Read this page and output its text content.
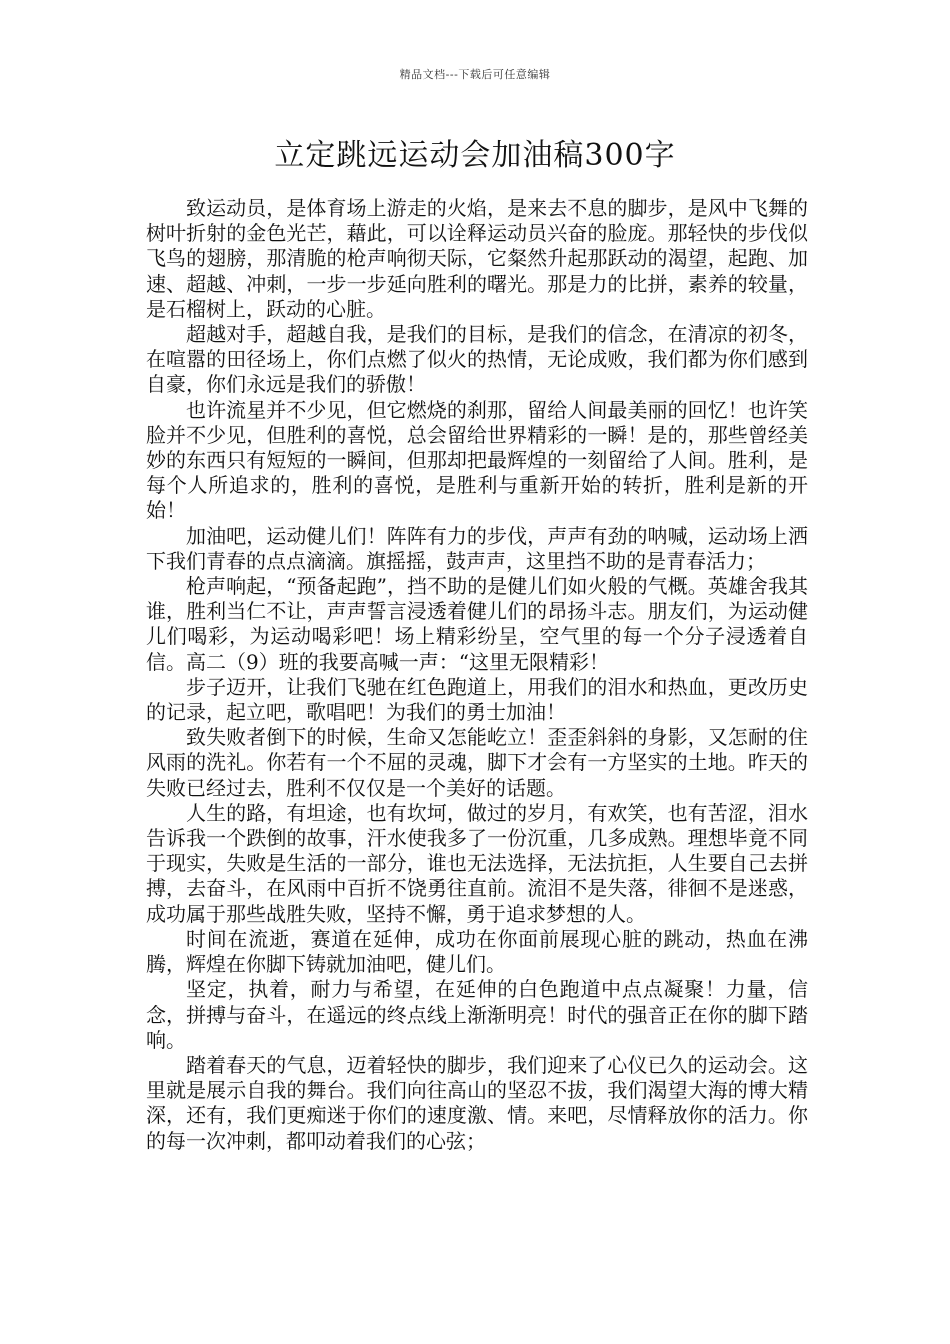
精品文档---下载后可任意编辑
立定跳远运动会加油稿300字

致运动员，是体育场上游走的火焰，是来去不息的脚步，是风中飞舞的树叶折射的金色光芒，藉此，可以诠释运动员兴奋的脸庞。那轻快的步伐似飞鸟的翅膀，那清脆的枪声响彻天际，它粲然升起那跃动的渴望，起跑、加速、超越、冲刺，一步一步延向胜利的曙光。那是力的比拼，素养的较量，是石榴树上，跃动的心脏。

超越对手，超越自我，是我们的目标，是我们的信念，在清凉的初冬，在喧嚣的田径场上，你们点燃了似火的热情，无论成败，我们都为你们感到自豪，你们永远是我们的骄傲！

也许流星并不少见，但它燃烧的刹那，留给人间最美丽的回忆！也许笑脸并不少见，但胜利的喜悦，总会留给世界精彩的一瞬！是的，那些曾经美妙的东西只有短短的一瞬间，但那却把最辉煌的一刻留给了人间。胜利，是每个人所追求的，胜利的喜悦，是胜利与重新开始的转折，胜利是新的开始！

加油吧，运动健儿们！阵阵有力的步伐，声声有劲的呐喊，运动场上洒下我们青春的点点滴滴。旗摇摇，鼓声声，这里挡不助的是青春活力；

枪声响起，“预备起跑”，挡不助的是健儿们如火般的气概。英雄舍我其谁，胜利当仁不让，声声誓言浸透着健儿们的昂扬斗志。朋友们，为运动健儿们喝彩，为运动喝彩吧！场上精彩纷呈，空气里的每一个分子浸透着自信。高二（9）班的我要高喊一声：“这里无限精彩！

步子迈开，让我们飞驰在红色跑道上，用我们的泪水和热血，更改历史的记录，起立吧，歌唱吧！为我们的勇士加油！

致失败者倒下的时候，生命又怎能屹立！歪歪斜斜的身影，又怎耐的住风雨的洗礼。你若有一个不屈的灵魂，脚下才会有一方坚实的土地。昨天的失败已经过去，胜利不仅仅是一个美好的话题。

人生的路，有坦途，也有坎坷，做过的岁月，有欢笑，也有苦涩，泪水告诉我一个跌倒的故事，汗水使我多了一份沉重，几多成熟。理想毕竟不同于现实，失败是生活的一部分，谁也无法选择，无法抗拒，人生要自己去拼搏，去奋斗，在风雨中百折不饶勇往直前。流泪不是失落，徘徊不是迷惑，成功属于那些战胜失败，坚持不懈，勇于追求梦想的人。

时间在流逝，赛道在延伸，成功在你面前展现心脏的跳动，热血在沸腾，辉煌在你脚下铸就加油吧，健儿们。

坚定，执着，耐力与希望，在延伸的白色跑道中点点凝聚！力量，信念，拼搏与奋斗，在遥远的终点线上渐渐明亮！时代的强音正在你的脚下踏响。

踏着春天的气息，迈着轻快的脚步，我们迎来了心仪已久的运动会。这里就是展示自我的舞台。我们向往高山的坚忍不拔，我们渴望大海的博大精深，还有，我们更痴迷于你们的速度激、情。来吧，尽情释放你的活力。你的每一次冲刺，都叩动着我们的心弦；
